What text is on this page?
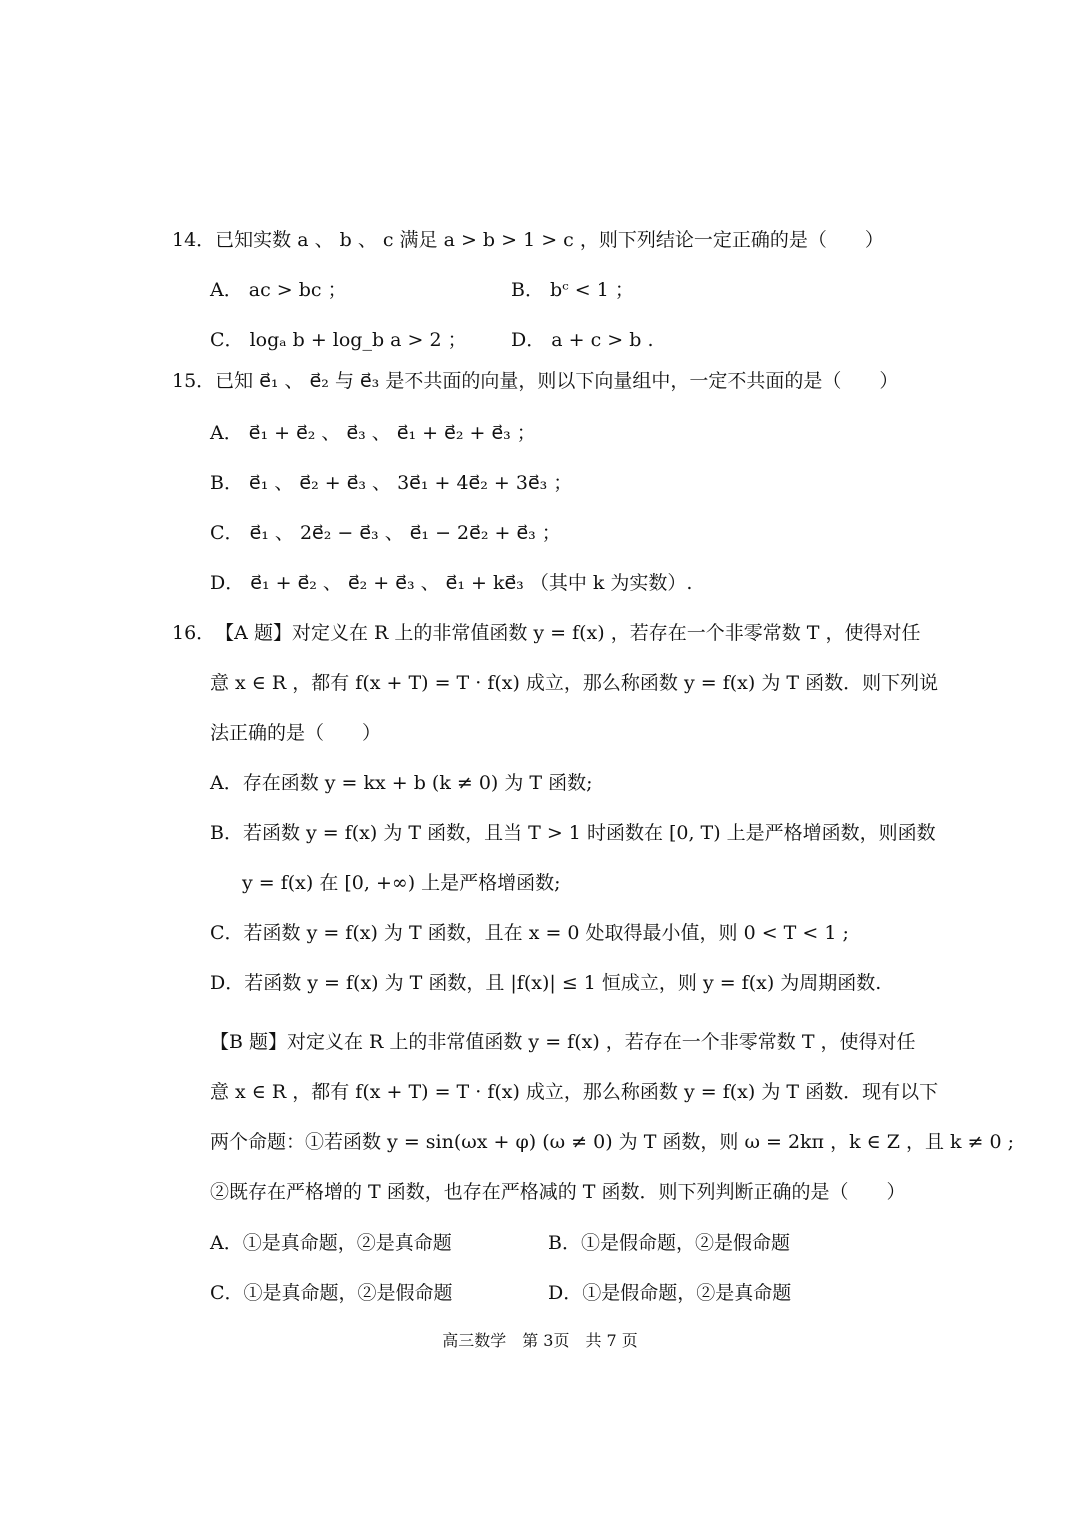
14．已知实数 a 、 b 、 c 满足 a > b > 1 > c ，则下列结论一定正确的是（　　）
A． ac > bc ；	B． bᶜ < 1 ；
C． logₐ b + log_b a > 2 ； D． a + c > b .
15．已知 e⃗₁ 、 e⃗₂ 与 e⃗₃ 是不共面的向量，则以下向量组中，一定不共面的是（　　）
A． e⃗₁ + e⃗₂ 、 e⃗₃ 、 e⃗₁ + e⃗₂ + e⃗₃ ；
B． e⃗₁ 、 e⃗₂ + e⃗₃ 、 3e⃗₁ + 4e⃗₂ + 3e⃗₃ ；
C． e⃗₁ 、 2e⃗₂ − e⃗₃ 、 e⃗₁ − 2e⃗₂ + e⃗₃ ；
D． e⃗₁ + e⃗₂ 、 e⃗₂ + e⃗₃ 、 e⃗₁ + ke⃗₃ （其中 k 为实数）.
16．　【A 题】对定义在 R 上的非常值函数 y = f(x) ，若存在一个非零常数 T ，使得对任
意 x ∈ R ，都有 f(x + T) = T · f(x) 成立，那么称函数 y = f(x) 为 T 函数．则下列说
法正确的是（　　）
A．存在函数 y = kx + b (k ≠ 0) 为 T 函数;
B．若函数 y = f(x) 为 T 函数，且当 T > 1 时函数在 [0, T) 上是严格增函数，则函数
y = f(x) 在 [0, +∞) 上是严格增函数;
C．若函数 y = f(x) 为 T 函数，且在 x = 0 处取得最小值，则 0 < T < 1 ;
D．若函数 y = f(x) 为 T 函数，且 |f(x)| ≤ 1 恒成立，则 y = f(x) 为周期函数.
【B 题】对定义在 R 上的非常值函数 y = f(x) ，若存在一个非零常数 T ，使得对任
意 x ∈ R ，都有 f(x + T) = T · f(x) 成立，那么称函数 y = f(x) 为 T 函数．现有以下
两个命题：①若函数 y = sin(ωx + φ) (ω ≠ 0) 为 T 函数，则 ω = 2kπ ，k ∈ Z ，且 k ≠ 0 ;
②既存在严格增的 T 函数，也存在严格减的 T 函数．则下列判断正确的是（　　）
A．①是真命题，②是真命题	B．①是假命题，②是假命题
C．①是真命题，②是假命题	D．①是假命题，②是真命题
高三数学　第 3页　共 7 页
